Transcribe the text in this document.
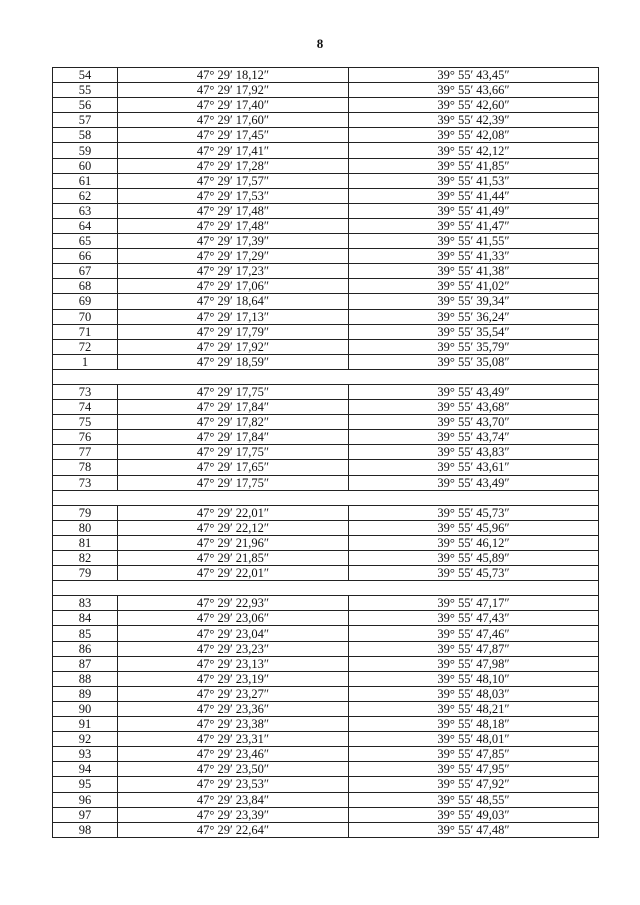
8
54	47° 29′ 18,12″	39° 55′ 43,45″
55	47° 29′ 17,92″	39° 55′ 43,66″
56	47° 29′ 17,40″	39° 55′ 42,60″
57	47° 29′ 17,60″	39° 55′ 42,39″
58	47° 29′ 17,45″	39° 55′ 42,08″
59	47° 29′ 17,41″	39° 55′ 42,12″
60	47° 29′ 17,28″	39° 55′ 41,85″
61	47° 29′ 17,57″	39° 55′ 41,53″
62	47° 29′ 17,53″	39° 55′ 41,44″
63	47° 29′ 17,48″	39° 55′ 41,49″
64	47° 29′ 17,48″	39° 55′ 41,47″
65	47° 29′ 17,39″	39° 55′ 41,55″
66	47° 29′ 17,29″	39° 55′ 41,33″
67	47° 29′ 17,23″	39° 55′ 41,38″
68	47° 29′ 17,06″	39° 55′ 41,02″
69	47° 29′ 18,64″	39° 55′ 39,34″
70	47° 29′ 17,13″	39° 55′ 36,24″
71	47° 29′ 17,79″	39° 55′ 35,54″
72	47° 29′ 17,92″	39° 55′ 35,79″
1	47° 29′ 18,59″	39° 55′ 35,08″

73	47° 29′ 17,75″	39° 55′ 43,49″
74	47° 29′ 17,84″	39° 55′ 43,68″
75	47° 29′ 17,82″	39° 55′ 43,70″
76	47° 29′ 17,84″	39° 55′ 43,74″
77	47° 29′ 17,75″	39° 55′ 43,83″
78	47° 29′ 17,65″	39° 55′ 43,61″
73	47° 29′ 17,75″	39° 55′ 43,49″

79	47° 29′ 22,01″	39° 55′ 45,73″
80	47° 29′ 22,12″	39° 55′ 45,96″
81	47° 29′ 21,96″	39° 55′ 46,12″
82	47° 29′ 21,85″	39° 55′ 45,89″
79	47° 29′ 22,01″	39° 55′ 45,73″

83	47° 29′ 22,93″	39° 55′ 47,17″
84	47° 29′ 23,06″	39° 55′ 47,43″
85	47° 29′ 23,04″	39° 55′ 47,46″
86	47° 29′ 23,23″	39° 55′ 47,87″
87	47° 29′ 23,13″	39° 55′ 47,98″
88	47° 29′ 23,19″	39° 55′ 48,10″
89	47° 29′ 23,27″	39° 55′ 48,03″
90	47° 29′ 23,36″	39° 55′ 48,21″
91	47° 29′ 23,38″	39° 55′ 48,18″
92	47° 29′ 23,31″	39° 55′ 48,01″
93	47° 29′ 23,46″	39° 55′ 47,85″
94	47° 29′ 23,50″	39° 55′ 47,95″
95	47° 29′ 23,53″	39° 55′ 47,92″
96	47° 29′ 23,84″	39° 55′ 48,55″
97	47° 29′ 23,39″	39° 55′ 49,03″
98	47° 29′ 22,64″	39° 55′ 47,48″
